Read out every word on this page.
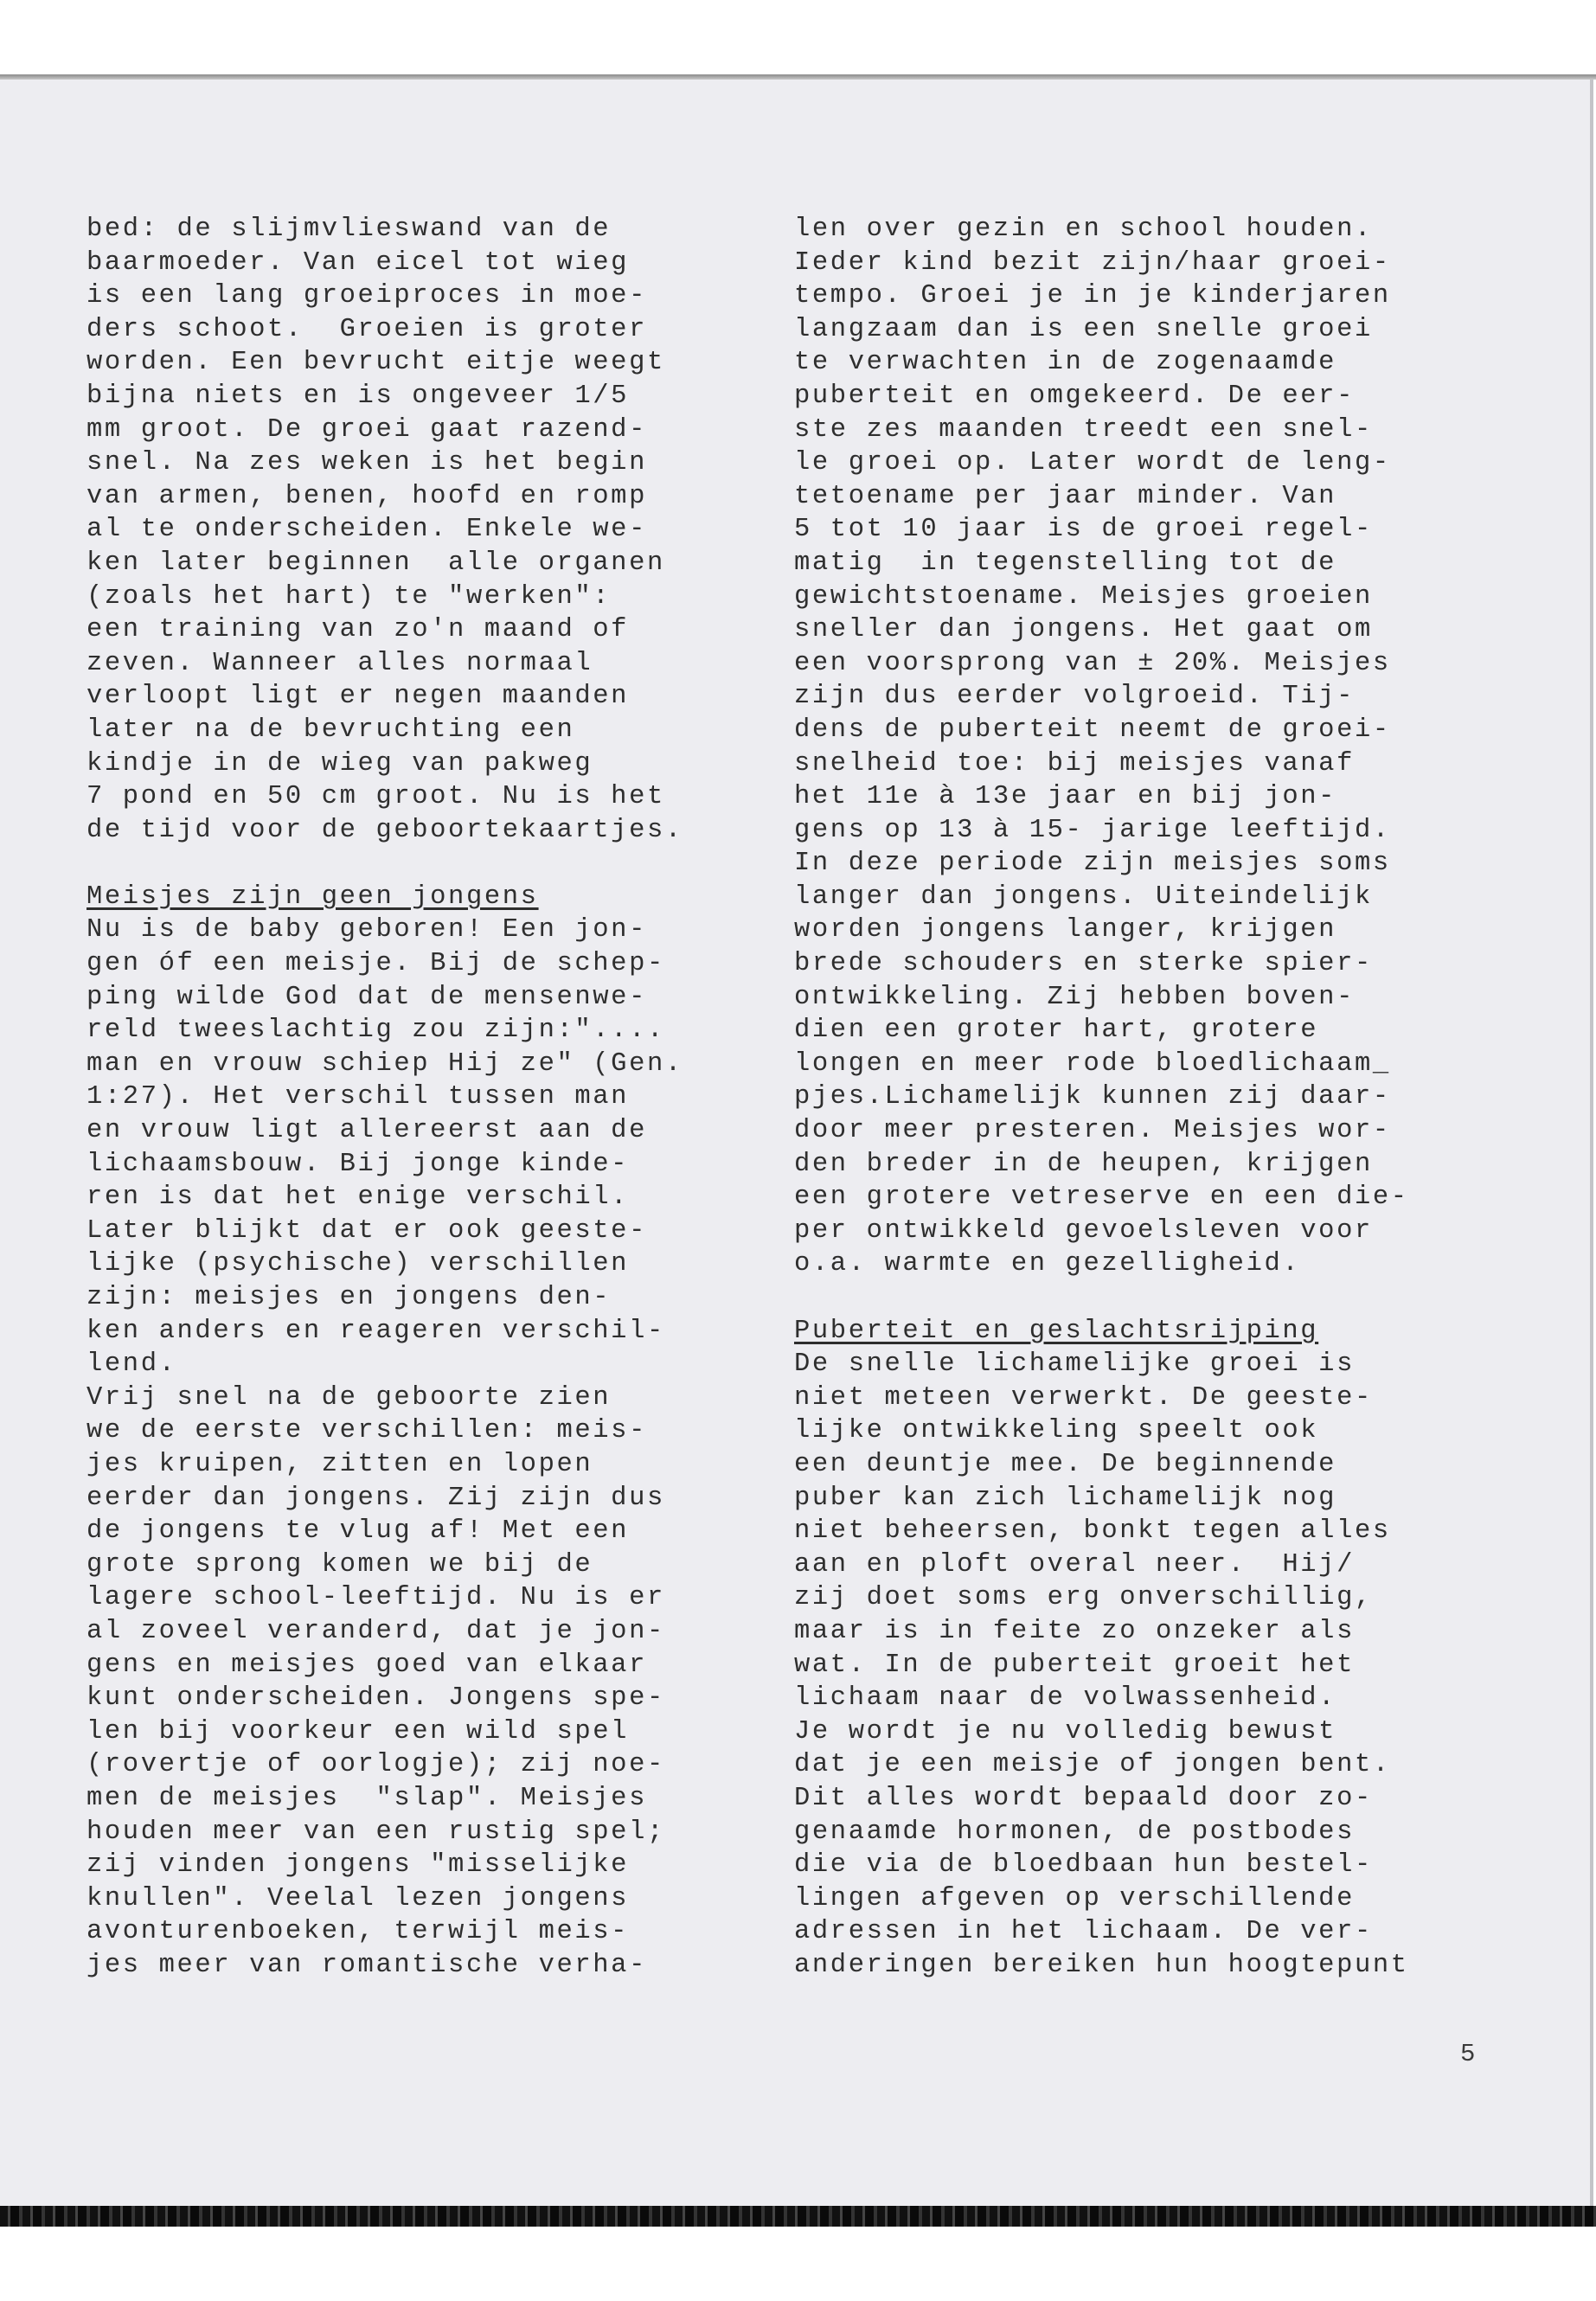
bed: de slijmvlieswand van de
baarmoeder. Van eicel tot wieg
is een lang groeiproces in moe-
ders schoot.  Groeien is groter
worden. Een bevrucht eitje weegt
bijna niets en is ongeveer 1/5
mm groot. De groei gaat razend-
snel. Na zes weken is het begin
van armen, benen, hoofd en romp
al te onderscheiden. Enkele we-
ken later beginnen  alle organen
(zoals het hart) te "werken":
een training van zo'n maand of
zeven. Wanneer alles normaal
verloopt ligt er negen maanden
later na de bevruchting een
kindje in de wieg van pakweg
7 pond en 50 cm groot. Nu is het
de tijd voor de geboortekaartjes.
Meisjes zijn geen jongens
Nu is de baby geboren! Een jon-
gen óf een meisje. Bij de schep-
ping wilde God dat de mensenwe-
reld tweeslachtig zou zijn:"....
man en vrouw schiep Hij ze" (Gen.
1:27). Het verschil tussen man
en vrouw ligt allereerst aan de
lichaamsbouw. Bij jonge kinde-
ren is dat het enige verschil.
Later blijkt dat er ook geeste-
lijke (psychische) verschillen
zijn: meisjes en jongens den-
ken anders en reageren verschil-
lend.
Vrij snel na de geboorte zien
we de eerste verschillen: meis-
jes kruipen, zitten en lopen
eerder dan jongens. Zij zijn dus
de jongens te vlug af! Met een
grote sprong komen we bij de
lagere school-leeftijd. Nu is er
al zoveel veranderd, dat je jon-
gens en meisjes goed van elkaar
kunt onderscheiden. Jongens spe-
len bij voorkeur een wild spel
(rovertje of oorlogje); zij noe-
men de meisjes  "slap". Meisjes
houden meer van een rustig spel;
zij vinden jongens "misselijke
knullen". Veelal lezen jongens
avonturenboeken, terwijl meis-
jes meer van romantische verha-
len over gezin en school houden.
Ieder kind bezit zijn/haar groei-
tempo. Groei je in je kinderjaren
langzaam dan is een snelle groei
te verwachten in de zogenaamde
puberteit en omgekeerd. De eer-
ste zes maanden treedt een snel-
le groei op. Later wordt de leng-
tetoename per jaar minder. Van
5 tot 10 jaar is de groei regel-
matig  in tegenstelling tot de
gewichtstoename. Meisjes groeien
sneller dan jongens. Het gaat om
een voorsprong van ± 20%. Meisjes
zijn dus eerder volgroeid. Tij-
dens de puberteit neemt de groei-
snelheid toe: bij meisjes vanaf
het 11e à 13e jaar en bij jon-
gens op 13 à 15- jarige leeftijd.
In deze periode zijn meisjes soms
langer dan jongens. Uiteindelijk
worden jongens langer, krijgen
brede schouders en sterke spier-
ontwikkeling. Zij hebben boven-
dien een groter hart, grotere
longen en meer rode bloedlichaam_
pjes.Lichamelijk kunnen zij daar-
door meer presteren. Meisjes wor-
den breder in de heupen, krijgen
een grotere vetreserve en een die-
per ontwikkeld gevoelsleven voor
o.a. warmte en gezelligheid.
Puberteit en geslachtsrijping
De snelle lichamelijke groei is
niet meteen verwerkt. De geeste-
lijke ontwikkeling speelt ook
een deuntje mee. De beginnende
puber kan zich lichamelijk nog
niet beheersen, bonkt tegen alles
aan en ploft overal neer.  Hij/
zij doet soms erg onverschillig,
maar is in feite zo onzeker als
wat. In de puberteit groeit het
lichaam naar de volwassenheid.
Je wordt je nu volledig bewust
dat je een meisje of jongen bent.
Dit alles wordt bepaald door zo-
genaamde hormonen, de postbodes
die via de bloedbaan hun bestel-
lingen afgeven op verschillende
adressen in het lichaam. De ver-
anderingen bereiken hun hoogtepunt
5
